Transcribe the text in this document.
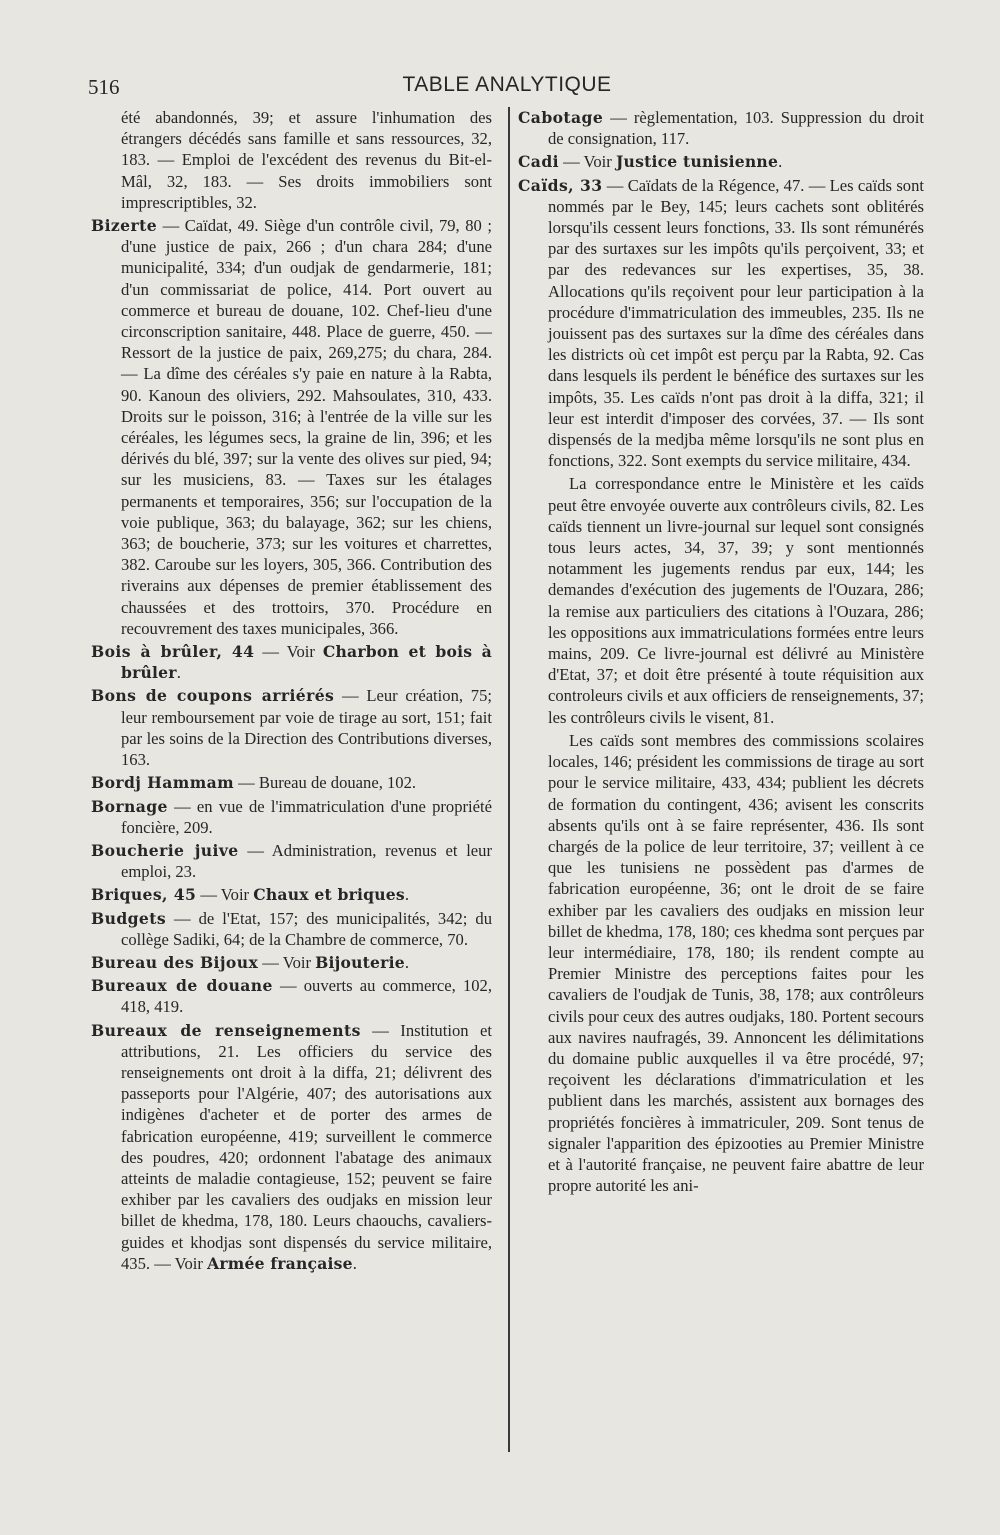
516	TABLE ANALYTIQUE

été abandonnés, 39; et assure l'inhumation des étrangers décédés sans famille et sans ressources, 32, 183. — Emploi de l'excédent des revenus du Bit-el-Mâl, 32, 183. — Ses droits immobiliers sont imprescriptibles, 32.

Bizerte — Caïdat, 49. Siège d'un contrôle civil, 79, 80 ; d'une justice de paix, 266 ; d'un chara 284; d'une municipalité, 334; d'un oudjak de gendarmerie, 181; d'un commissariat de police, 414. Port ouvert au commerce et bureau de douane, 102. Chef-lieu d'une circonscription sanitaire, 448. Place de guerre, 450. — Ressort de la justice de paix, 269,275; du chara, 284. — La dîme des céréales s'y paie en nature à la Rabta, 90. Kanoun des oliviers, 292. Mahsoulates, 310, 433. Droits sur le poisson, 316; à l'entrée de la ville sur les céréales, les légumes secs, la graine de lin, 396; et les dérivés du blé, 397; sur la vente des olives sur pied, 94; sur les musiciens, 83. — Taxes sur les étalages permanents et temporaires, 356; sur l'occupation de la voie publique, 363; du balayage, 362; sur les chiens, 363; de boucherie, 373; sur les voitures et charrettes, 382. Caroube sur les loyers, 305, 366. Contribution des riverains aux dépenses de premier établissement des chaussées et des trottoirs, 370. Procédure en recouvrement des taxes municipales, 366.

Bois à brûler, 44 — Voir Charbon et bois à brûler.

Bons de coupons arriérés — Leur création, 75; leur remboursement par voie de tirage au sort, 151; fait par les soins de la Direction des Contributions diverses, 163.

Bordj Hammam — Bureau de douane, 102.

Bornage — en vue de l'immatriculation d'une propriété foncière, 209.

Boucherie juive — Administration, revenus et leur emploi, 23.

Briques, 45 — Voir Chaux et briques.

Budgets — de l'Etat, 157; des municipalités, 342; du collège Sadiki, 64; de la Chambre de commerce, 70.

Bureau des Bijoux — Voir Bijouterie.

Bureaux de douane — ouverts au commerce, 102, 418, 419.

Bureaux de renseignements — Institution et attributions, 21. Les officiers du service des renseignements ont droit à la diffa, 21; délivrent des passeports pour l'Algérie, 407; des autorisations aux indigènes d'acheter et de porter des armes de fabrication européenne, 419; surveillent le commerce des poudres, 420; ordonnent l'abatage des animaux atteints de maladie contagieuse, 152; peuvent se faire exhiber par les cavaliers des oudjaks en mission leur billet de khedma, 178, 180. Leurs chaouchs, cavaliers-guides et khodjas sont dispensés du service militaire, 435. — Voir Armée française.

Cabotage — règlementation, 103. Suppression du droit de consignation, 117.

Cadi — Voir Justice tunisienne.

Caïds, 33 — Caïdats de la Régence, 47. — Les caïds sont nommés par le Bey, 145; leurs cachets sont oblitérés lorsqu'ils cessent leurs fonctions, 33. Ils sont rémunérés par des surtaxes sur les impôts qu'ils perçoivent, 33; et par des redevances sur les expertises, 35, 38. Allocations qu'ils reçoivent pour leur participation à la procédure d'immatriculation des immeubles, 235. Ils ne jouissent pas des surtaxes sur la dîme des céréales dans les districts où cet impôt est perçu par la Rabta, 92. Cas dans lesquels ils perdent le bénéfice des surtaxes sur les impôts, 35. Les caïds n'ont pas droit à la diffa, 321; il leur est interdit d'imposer des corvées, 37. — Ils sont dispensés de la medjba même lorsqu'ils ne sont plus en fonctions, 322. Sont exempts du service militaire, 434.

La correspondance entre le Ministère et les caïds peut être envoyée ouverte aux contrôleurs civils, 82. Les caïds tiennent un livre-journal sur lequel sont consignés tous leurs actes, 34, 37, 39; y sont mentionnés notamment les jugements rendus par eux, 144; les demandes d'exécution des jugements de l'Ouzara, 286; la remise aux particuliers des citations à l'Ouzara, 286; les oppositions aux immatriculations formées entre leurs mains, 209. Ce livre-journal est délivré au Ministère d'Etat, 37; et doit être présenté à toute réquisition aux controleurs civils et aux officiers de renseignements, 37; les contrôleurs civils le visent, 81.

Les caïds sont membres des commissions scolaires locales, 146; président les commissions de tirage au sort pour le service militaire, 433, 434; publient les décrets de formation du contingent, 436; avisent les conscrits absents qu'ils ont à se faire représenter, 436. Ils sont chargés de la police de leur territoire, 37; veillent à ce que les tunisiens ne possèdent pas d'armes de fabrication européenne, 36; ont le droit de se faire exhiber par les cavaliers des oudjaks en mission leur billet de khedma, 178, 180; ces khedma sont perçues par leur intermédiaire, 178, 180; ils rendent compte au Premier Ministre des perceptions faites pour les cavaliers de l'oudjak de Tunis, 38, 178; aux contrôleurs civils pour ceux des autres oudjaks, 180. Portent secours aux navires naufragés, 39. Annoncent les délimitations du domaine public auxquelles il va être procédé, 97; reçoivent les déclarations d'immatriculation et les publient dans les marchés, assistent aux bornages des propriétés foncières à immatriculer, 209. Sont tenus de signaler l'apparition des épizooties au Premier Ministre et à l'autorité française, ne peuvent faire abattre de leur propre autorité les ani-
